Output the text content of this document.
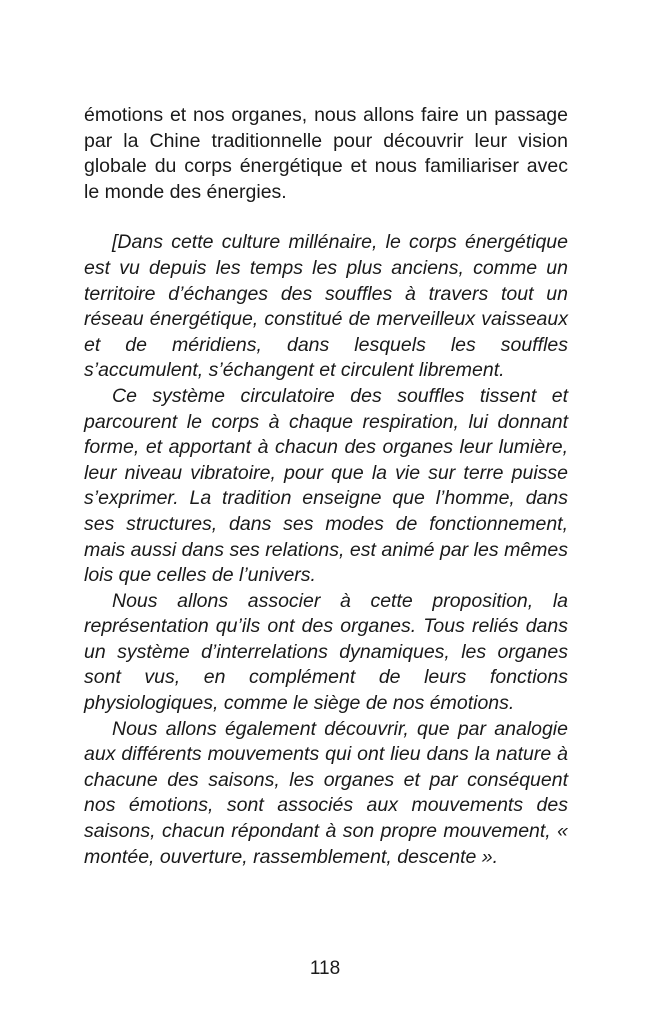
émotions et nos organes, nous allons faire un passage par la Chine traditionnelle pour découvrir leur vision globale du corps énergétique et nous familiariser avec le monde des énergies.

[Dans cette culture millénaire, le corps énergétique est vu depuis les temps les plus anciens, comme un territoire d’échanges des souffles à travers tout un réseau énergétique, constitué de merveilleux vaisseaux et de méridiens, dans lesquels les souffles s’accumulent, s’échangent et circulent librement.

Ce système circulatoire des souffles tissent et parcourent le corps à chaque respiration, lui donnant forme, et apportant à chacun des organes leur lumière, leur niveau vibratoire, pour que la vie sur terre puisse s’exprimer. La tradition enseigne que l’homme, dans ses structures, dans ses modes de fonctionnement, mais aussi dans ses relations, est animé par les mêmes lois que celles de l’univers.

Nous allons associer à cette proposition, la représentation qu’ils ont des organes. Tous reliés dans un système d’interrelations dynamiques, les organes sont vus, en complément de leurs fonctions physiologiques, comme le siège de nos émotions.

Nous allons également découvrir, que par analogie aux différents mouvements qui ont lieu dans la nature à chacune des saisons, les organes et par conséquent nos émotions, sont associés aux mouvements des saisons, chacun répondant à son propre mouvement, « montée, ouverture, rassemblement, descente ».

118
